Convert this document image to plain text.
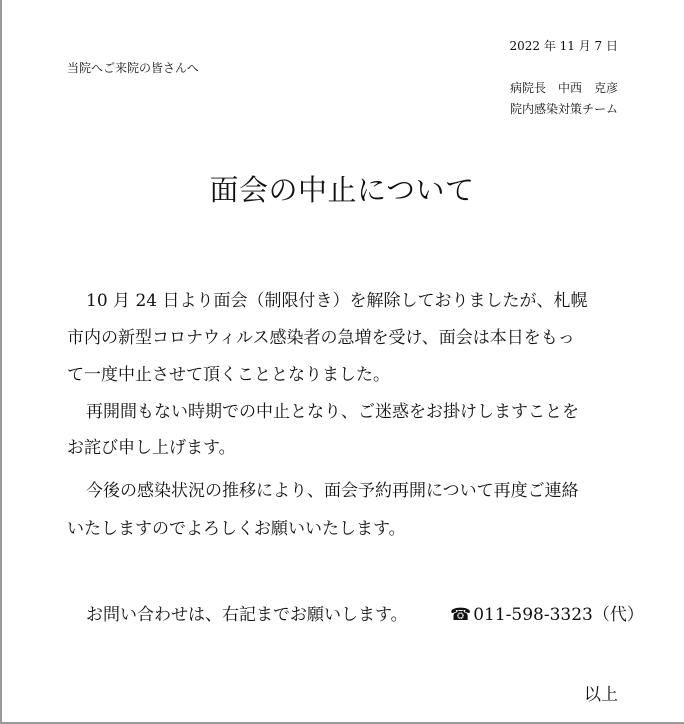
2022 年 11 月 7 日
当院へご来院の皆さんへ
病院長　中西　克彦
院内感染対策チーム
面会の中止について
10 月 24 日より面会（制限付き）を解除しておりましたが、札幌
市内の新型コロナウィルス感染者の急増を受け、面会は本日をもっ
て一度中止させて頂くこととなりました。
再開間もない時期での中止となり、ご迷惑をお掛けしますことを
お詫び申し上げます。
今後の感染状況の推移により、面会予約再開について再度ご連絡
いたしますのでよろしくお願いいたします。
お問い合わせは、右記までお願いします。 ☎ 011-598-3323（代）
以上
